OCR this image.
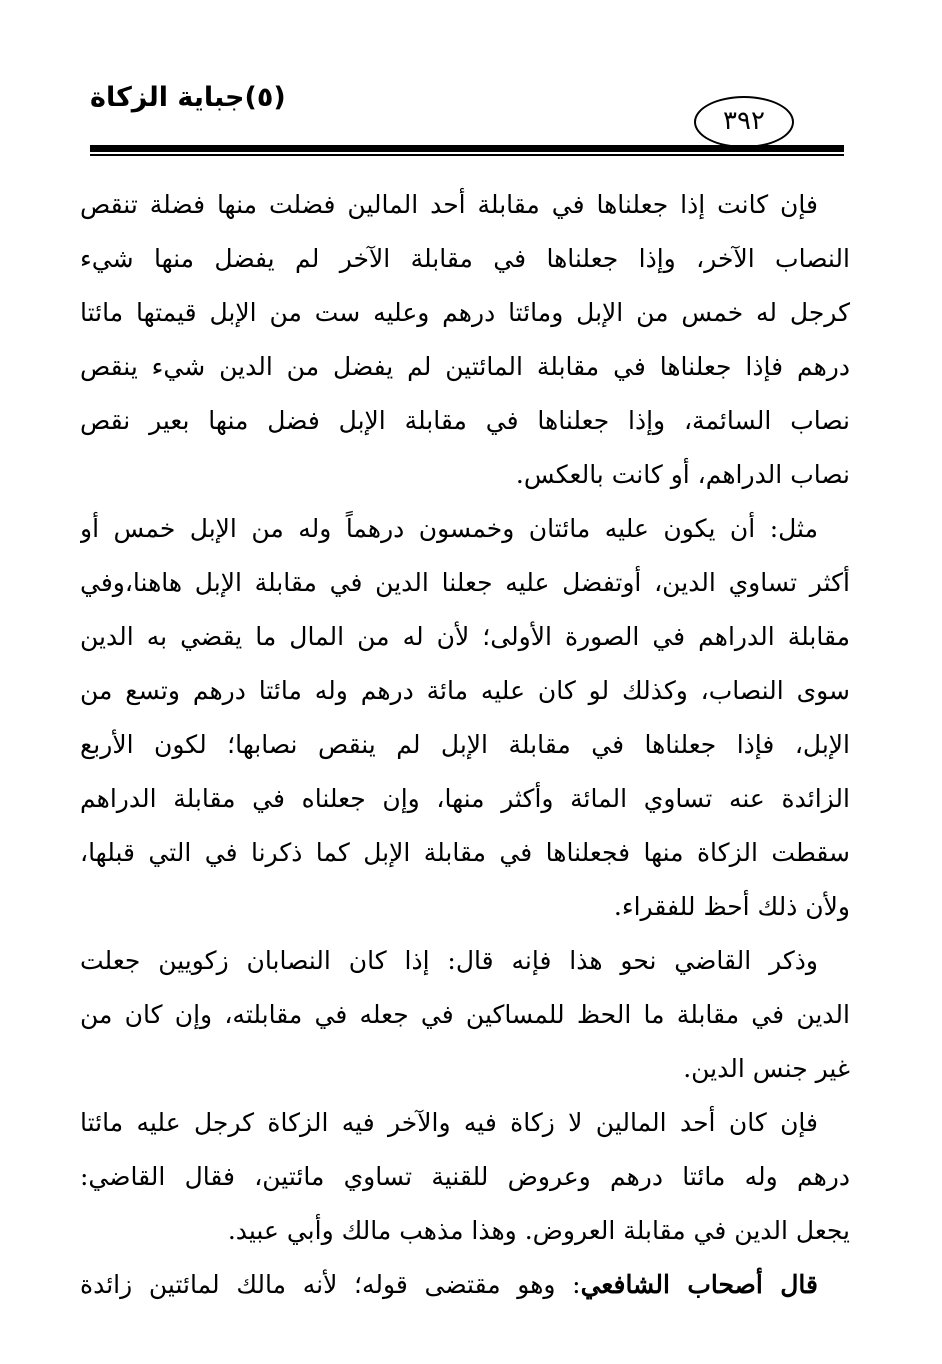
(٥)جباية الزكاة
٣٩٢
فإن كانت إذا جعلناها في مقابلة أحد المالين فضلت منها فضلة تنقص
النصاب الآخر، وإذا جعلناها في مقابلة الآخر لم يفضل منها شيء
كرجل له خمس من الإبل ومائتا درهم وعليه ست من الإبل قيمتها مائتا
درهم فإذا جعلناها في مقابلة المائتين لم يفضل من الدين شيء ينقص
نصاب السائمة، وإذا جعلناها في مقابلة الإبل فضل منها بعير نقص
نصاب الدراهم، أو كانت بالعكس.
مثل: أن يكون عليه مائتان وخمسون درهماً وله من الإبل خمس أو
أكثر تساوي الدين، أوتفضل عليه جعلنا الدين في مقابلة الإبل هاهنا،وفي
مقابلة الدراهم في الصورة الأولى؛ لأن له من المال ما يقضي به الدين
سوى النصاب، وكذلك لو كان عليه مائة درهم وله مائتا درهم وتسع من
الإبل، فإذا جعلناها في مقابلة الإبل لم ينقص نصابها؛ لكون الأربع
الزائدة عنه تساوي المائة وأكثر منها، وإن جعلناه في مقابلة الدراهم
سقطت الزكاة منها فجعلناها في مقابلة الإبل كما ذكرنا في التي قبلها،
ولأن ذلك أحظ للفقراء.
وذكر القاضي نحو هذا فإنه قال: إذا كان النصابان زكويين جعلت
الدين في مقابلة ما الحظ للمساكين في جعله في مقابلته، وإن كان من
غير جنس الدين.
فإن كان أحد المالين لا زكاة فيه والآخر فيه الزكاة كرجل عليه مائتا
درهم وله مائتا درهم وعروض للقنية تساوي مائتين، فقال القاضي:
يجعل الدين في مقابلة العروض. وهذا مذهب مالك وأبي عبيد.
قال أصحاب الشافعي: وهو مقتضى قوله؛ لأنه مالك لمائتين زائدة
